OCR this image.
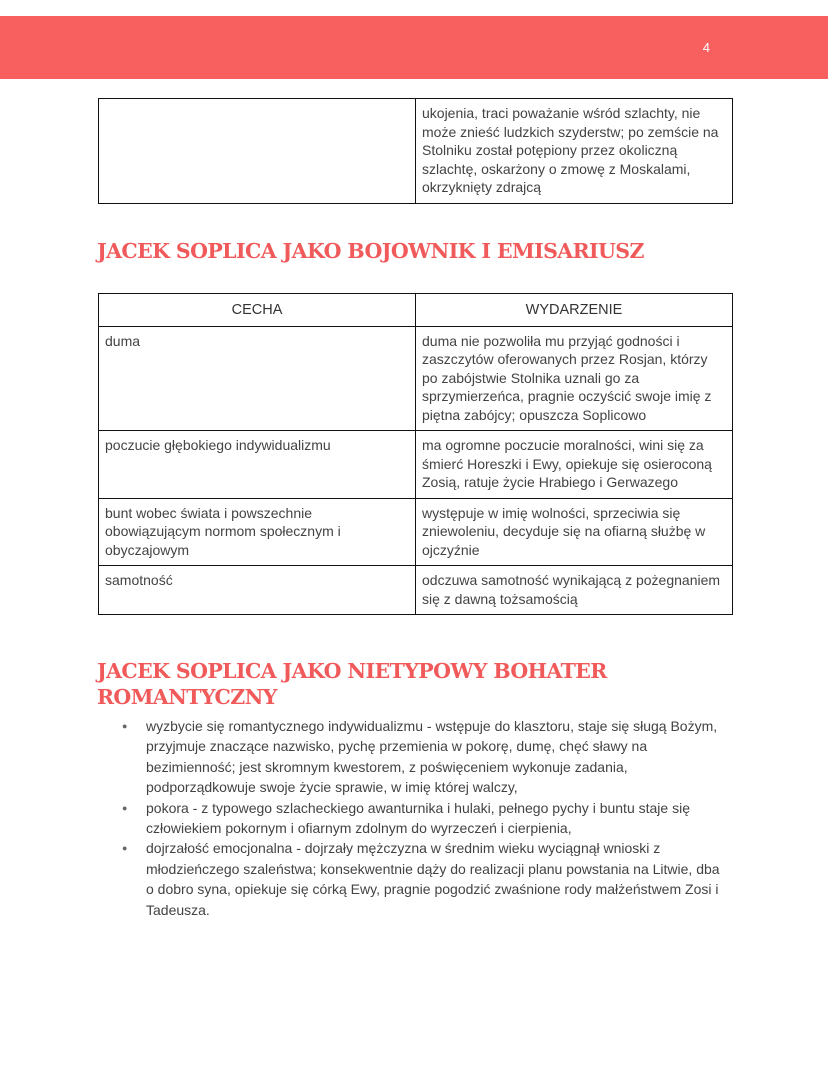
4
	ukojenia, traci poważanie wśród szlachty, nie może znieść ludzkich szyderstw; po zemście na Stolniku został potępiony przez okoliczną szlachtę, oskarżony o zmowę z Moskalami, okrzyknięty zdrajcą
JACEK SOPLICA JAKO BOJOWNIK I EMISARIUSZ
CECHA	WYDARZENIE
duma	duma nie pozwoliła mu przyjąć godności i zaszczytów oferowanych przez Rosjan, którzy po zabójstwie Stolnika uznali go za sprzymierzeńca, pragnie oczyścić swoje imię z piętna zabójcy; opuszcza Soplicowo
poczucie głębokiego indywidualizmu	ma ogromne poczucie moralności, wini się za śmierć Horeszki i Ewy, opiekuje się osieroconą Zosią, ratuje życie Hrabiego i Gerwazego
bunt wobec świata i powszechnie obowiązującym normom społecznym i obyczajowym	występuje w imię wolności, sprzeciwia się zniewoleniu, decyduje się na ofiarną służbę w ojczyźnie
samotność	odczuwa samotność wynikającą z pożegnaniem się z dawną tożsamością
JACEK SOPLICA JAKO NIETYPOWY BOHATER ROMANTYCZNY
● wyzbycie się romantycznego indywidualizmu - wstępuje do klasztoru, staje się sługą Bożym, przyjmuje znaczące nazwisko, pychę przemienia w pokorę, dumę, chęć sławy na bezimienność; jest skromnym kwestorem, z poświęceniem wykonuje zadania, podporządkowuje swoje życie sprawie, w imię której walczy,
● pokora - z typowego szlacheckiego awanturnika i hulaki, pełnego pychy i buntu staje się człowiekiem pokornym i ofiarnym zdolnym do wyrzeczeń i cierpienia,
● dojrzałość emocjonalna - dojrzały mężczyzna w średnim wieku wyciągnął wnioski z młodzieńczego szaleństwa; konsekwentnie dąży do realizacji planu powstania na Litwie, dba o dobro syna, opiekuje się córką Ewy, pragnie pogodzić zwaśnione rody małżeństwem Zosi i Tadeusza.
